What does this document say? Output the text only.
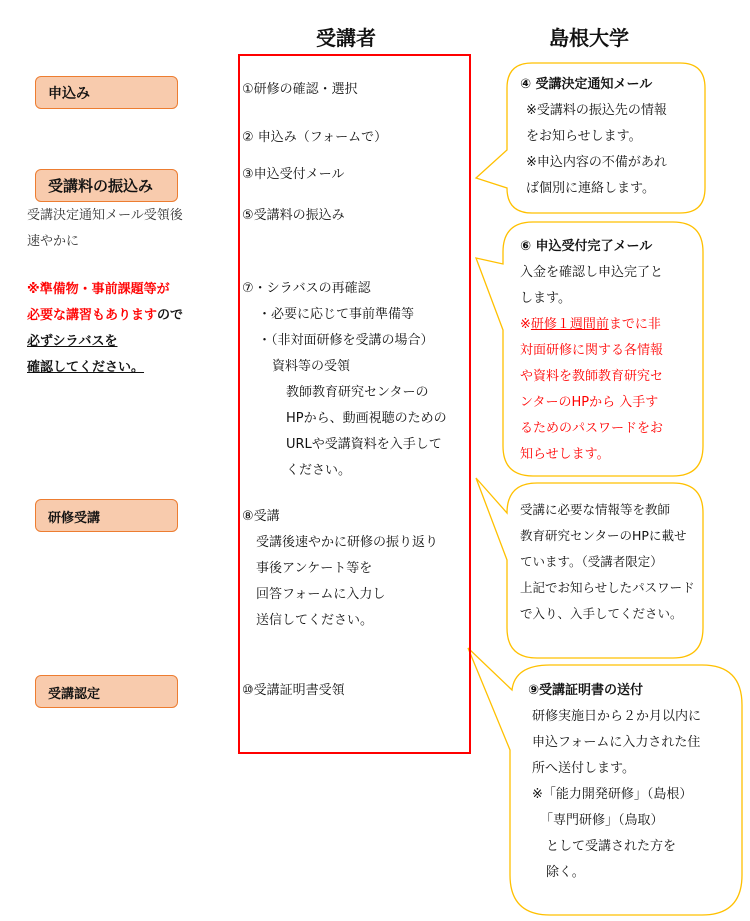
受講者	島根大学
申込み
受講料の振込み
研修受講
受講認定
受講決定通知メール受領後
速やかに
※準備物・事前課題等が
必要な講習もありますので
必ずシラバスを
確認してください。
①研修の確認・選択
② 申込み（フォームで）
③申込受付メール
⑤受講料の振込み
⑦・シラバスの再確認
・必要に応じて事前準備等
・（非対面研修を受講の場合）
資料等の受領
教師教育研究センターの
HPから、動画視聴のための
URLや受講資料を入手して
ください。
⑧受講
受講後速やかに研修の振り返り
事後アンケート等を
回答フォームに入力し
送信してください。
⑩受講証明書受領
④ 受講決定通知メール
※受講料の振込先の情報
をお知らせします。
※申込内容の不備があれ
ば個別に連絡します。
⑥ 申込受付完了メール
入金を確認し申込完了と
します。
※研修１週間前までに非
対面研修に関する各情報
や資料を教師教育研究セ
ンターのHPから 入手す
るためのパスワードをお
知らせします。
受講に必要な情報等を教師
教育研究センターのHPに載せ
ています。（受講者限定）
上記でお知らせしたパスワード
で入り、入手してください。
⑨受講証明書の送付
研修実施日から２か月以内に
申込フォームに入力された住
所へ送付します。
※「能力開発研修」（島根）
「専門研修」（鳥取）
として受講された方を
除く。
